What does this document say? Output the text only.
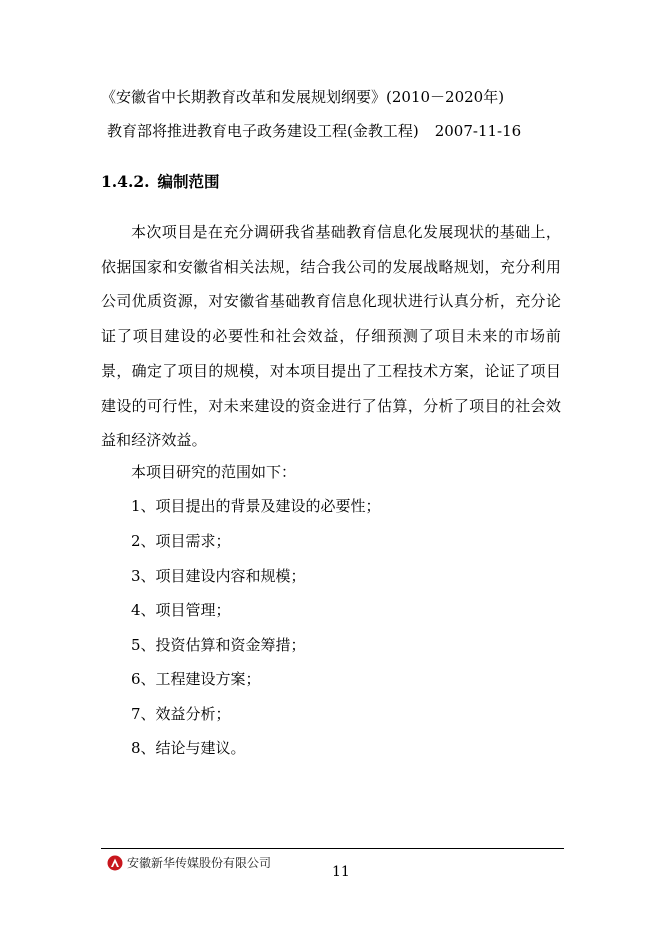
《安徽省中长期教育改革和发展规划纲要》(2010－2020年)
教育部将推进教育电子政务建设工程(金教工程) 2007-11-16
1.4.2. 编制范围
本次项目是在充分调研我省基础教育信息化发展现状的基础上，依据国家和安徽省相关法规，结合我公司的发展战略规划，充分利用公司优质资源，对安徽省基础教育信息化现状进行认真分析，充分论证了项目建设的必要性和社会效益，仔细预测了项目未来的市场前景，确定了项目的规模，对本项目提出了工程技术方案，论证了项目建设的可行性，对未来建设的资金进行了估算，分析了项目的社会效益和经济效益。
本项目研究的范围如下：
1、项目提出的背景及建设的必要性；
2、项目需求；
3、项目建设内容和规模；
4、项目管理；
5、投资估算和资金筹措；
6、工程建设方案；
7、效益分析；
8、结论与建议。
安徽新华传媒股份有限公司
11
